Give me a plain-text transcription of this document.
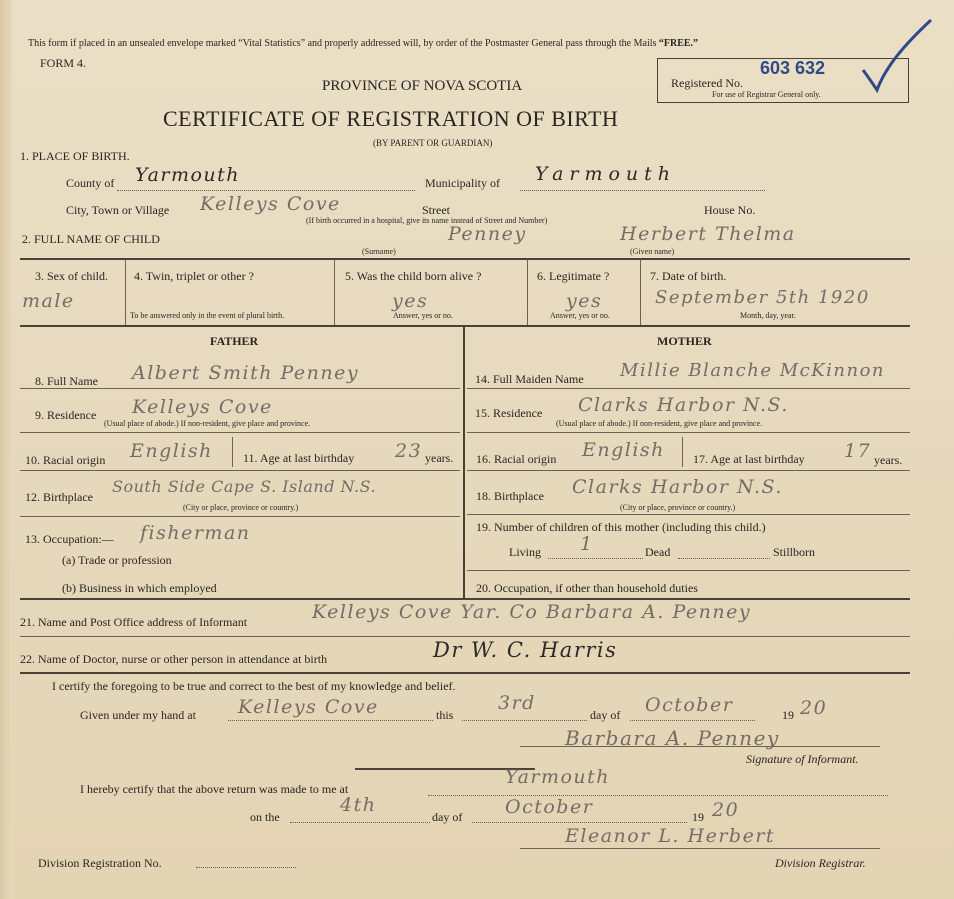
This form if placed in an unsealed envelope marked “Vital Statistics” and properly addressed will, by order of the Postmaster General pass through the Mails “FREE.”
FORM 4.
PROVINCE OF NOVA SCOTIA
CERTIFICATE OF REGISTRATION OF BIRTH
(BY PARENT OR GUARDIAN)
Registered No.
603 632
For use of Registrar General only.
1. PLACE OF BIRTH.
County of Yarmouth	Municipality of Yarmouth
City, Town or Village Kelleys Cove	Street	House No.
(If birth occurred in a hospital, give its name instead of Street and Number)
2. FULL NAME OF CHILD	Penney
(Surname)
Herbert Thelma
(Given name)
3. Sex of child.
male
4. Twin, triplet or other ?
To be answered only in the event of plural birth.
5. Was the child born alive ?
yes
Answer, yes or no.
6. Legitimate ?
yes
Answer, yes or no.
7. Date of birth.
September 5th 1920
Month, day, year.
FATHER	MOTHER
8. Full Name Albert Smith Penney
9. Residence Kelleys Cove
(Usual place of abode.) If non-resident, give place and province.
10. Racial origin English	11. Age at last birthday 23 years.
12. Birthplace
South Side Cape S. Island N.S.
(City or place, province or country.)
13. Occupation:— fisherman
(a) Trade or profession
(b) Business in which employed
14. Full Maiden Name Millie Blanche McKinnon
15. Residence Clarks Harbor N.S.
(Usual place of abode.) If non-resident, give place and province.
16. Racial origin English 17. Age at last birthday 17 years.
18. Birthplace Clarks Harbor N.S.
(City or place, province or country.)
19. Number of children of this mother (including this child.)
Living 1	Dead	Stillborn
20. Occupation, if other than household duties
21. Name and Post Office address of Informant	Kelleys Cove Yar. Co Barbara A. Penney
22. Name of Doctor, nurse or other person in attendance at birth	Dr W. C. Harris
I certify the foregoing to be true and correct to the best of my knowledge and belief.
Given under my hand at Kelleys Cove	this
3rd
day of October	19 20
Barbara A. Penney
Signature of Informant.
I hereby certify that the above return was made to me at
Yarmouth
on the
4th
day of October	19 20
Eleanor L. Herbert
Division Registration No.	Division Registrar.
